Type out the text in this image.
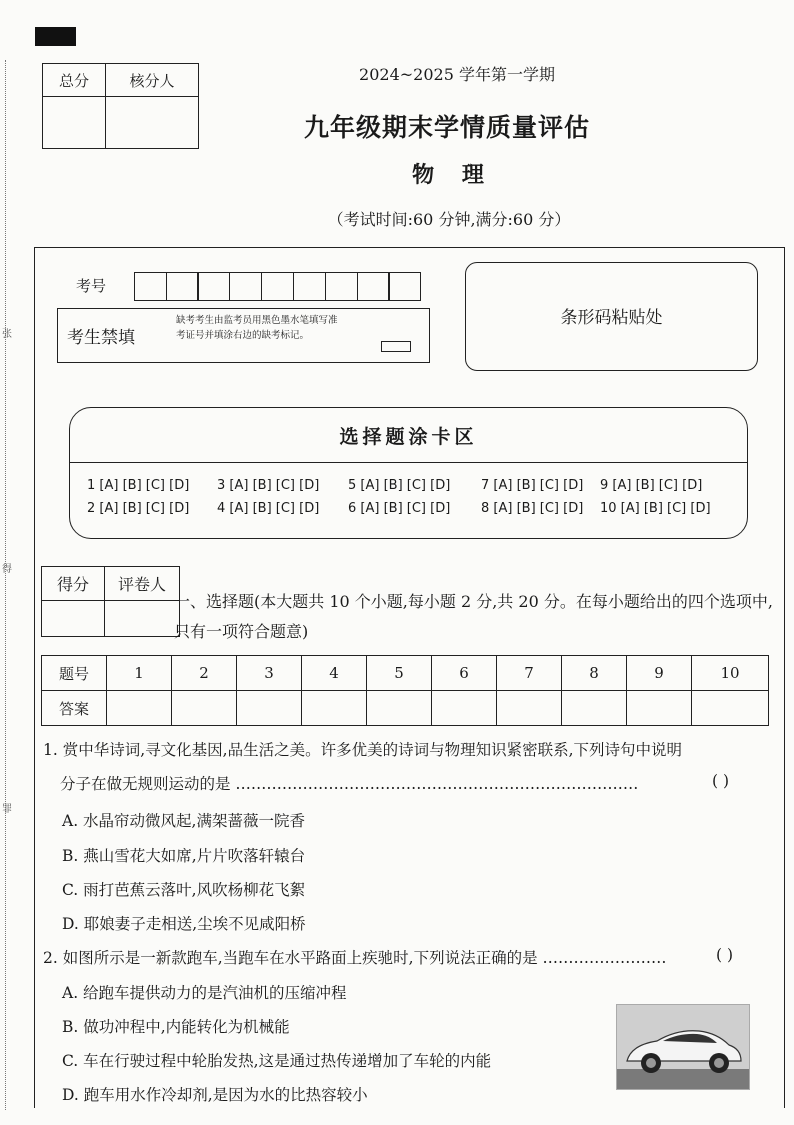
张
得
罪
总分	核分人
		2024~2025 学年第一学期
九年级期末学情质量评估
物 理
（考试时间:60 分钟,满分:60 分）
考号
考生禁填
缺考考生由监考员用黑色墨水笔填写准考证号并填涂右边的缺考标记。
条形码粘贴处
选择题涂卡区
1 [A] [B] [C] [D] 3 [A] [B] [C] [D] 5 [A] [B] [C] [D] 7 [A] [B] [C] [D] 9 [A] [B] [C] [D]
2 [A] [B] [C] [D] 4 [A] [B] [C] [D] 6 [A] [B] [C] [D] 8 [A] [B] [C] [D] 10 [A] [B] [C] [D]
得分	评卷人

一、选择题(本大题共 10 个小题,每小题 2 分,共 20 分。在每小题给出的四个选项中,只有一项符合题意)
题号	1	2	3	4	5	6	7	8	9	10
答案										
1. 赏中华诗词,寻文化基因,品生活之美。许多优美的诗词与物理知识紧密联系,下列诗句中说明
分子在做无规则运动的是 ……………………………………………………………………	( )
A. 水晶帘动微风起,满架蔷薇一院香
B. 燕山雪花大如席,片片吹落轩辕台
C. 雨打芭蕉云落叶,风吹杨柳花飞絮
D. 耶娘妻子走相送,尘埃不见咸阳桥
2. 如图所示是一新款跑车,当跑车在水平路面上疾驰时,下列说法正确的是 ……………………	( )
A. 给跑车提供动力的是汽油机的压缩冲程
B. 做功冲程中,内能转化为机械能
C. 车在行驶过程中轮胎发热,这是通过热传递增加了车轮的内能
D. 跑车用水作冷却剂,是因为水的比热容较小
